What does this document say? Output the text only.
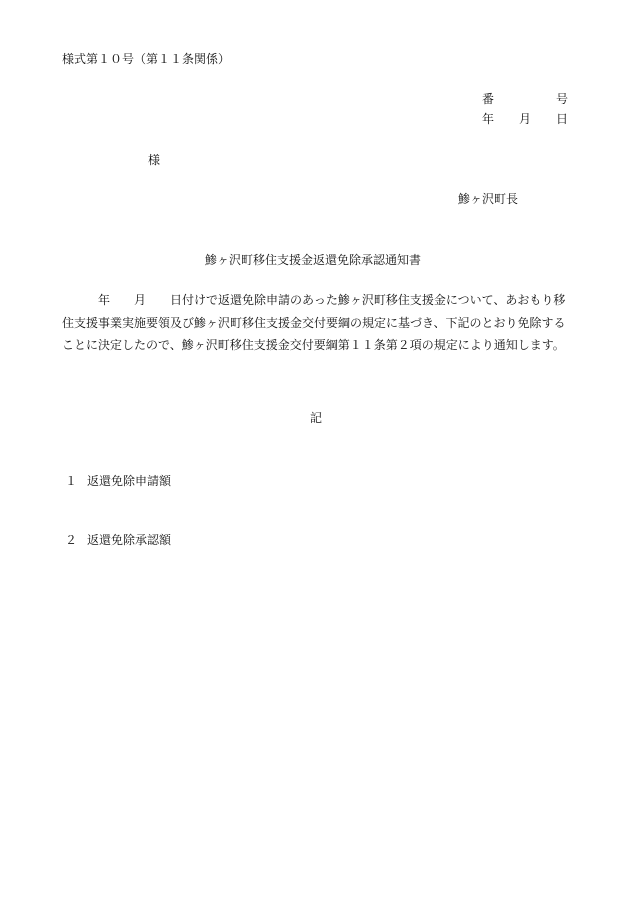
様式第１０号（第１１条関係）
番	号
年 月 日
様
鯵ヶ沢町長
鯵ヶ沢町移住支援金返還免除承認通知書
年 月 日付けで返還免除申請のあった鯵ヶ沢町移住支援金について、あおもり移住支援事業実施要領及び鯵ヶ沢町移住支援金交付要綱の規定に基づき、下記のとおり免除することに決定したので、鯵ヶ沢町移住支援金交付要綱第１１条第２項の規定により通知します。
記
１ 返還免除申請額
２ 返還免除承認額
